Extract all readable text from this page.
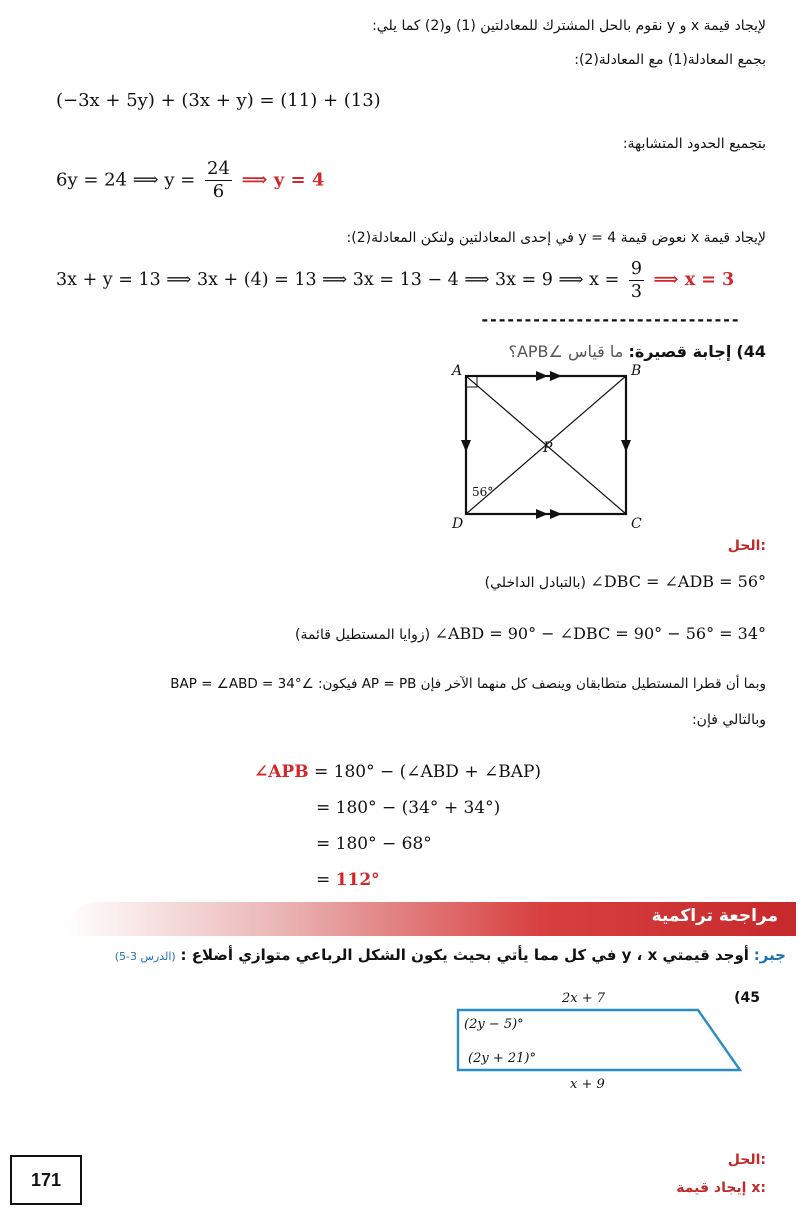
لإيجاد قيمة x و y نقوم بالحل المشترك للمعادلتين (1) و(2) كما يلي:
بجمع المعادلة(1) مع المعادلة(2):
(−3x + 5y) + (3x + y) = (11) + (13)
بتجميع الحدود المتشابهة:
6y = 24 ⟹ $y = \frac{24}{6}$ ⟹ y = 4
لإيجاد قيمة x نعوض قيمة y = 4 في إحدى المعادلتين ولتكن المعادلة(2):
3x + y = 13 ⟹ 3x + (4) = 13 ⟹ 3x = 13 − 4 ⟹ 3x = 9 ⟹ $x = \frac{9}{3}$ ⟹ x = 3
------------------------------
44) إجابة قصيرة: ما قياس ∠APB؟
A	B
C
D
P
56°
الحل:
∠DBC = ∠ADB = 56° (بالتبادل الداخلي)
∠ABD = 90° − ∠DBC = 90° − 56° = 34° (زوايا المستطيل قائمة)
وبما أن قطرا المستطيل متطابقان وينصف كل منهما الآخر فإن AP = PB فيكون: ∠BAP = ∠ABD = 34°
وبالتالي فإن:
∠APB = 180° − (∠ABD + ∠BAP)
= 180° − (34° + 34°)
= 180° − 68°
= 112°
مراجعة تراكمية
جبر: أوجد قيمتي y ، x في كل مما يأتي بحيث يكون الشكل الرباعي متوازي أضلاع : (الدرس 3-5)
(45
2x + 7
(2y − 5)°
(2y + 21)°
x + 9
الحل:
إيجاد قيمة x:
171
